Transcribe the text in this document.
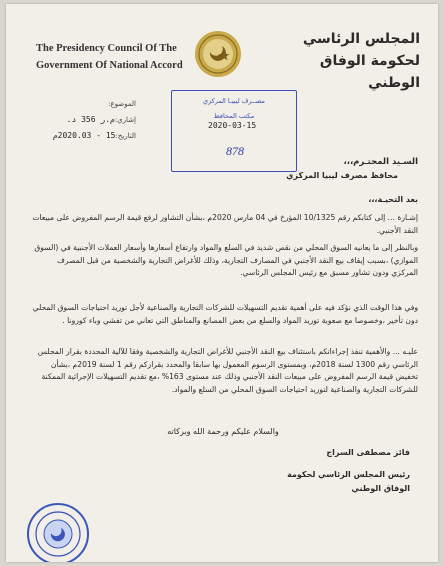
The Presidency Council Of The
Government Of National Accord
المجلس الرئاسي
لحكومة الوفاق الوطني
الموضوع:
إشاري:م.ر 356 د.
التاريخ:15 - 2020.03م
مصــرف ليبيـا المركزي
مكتب المحافظ
2020-03-15
878
السـيد المحتـرم،،،
محافظ مصرف ليبيا المركزي
بعد التحيـة،،،
إشـارة ... إلى كتابكم رقم 10/1325 المؤرخ في 04 مارس 2020م ،بشأن التشاور لرفع قيمة الرسم المفروض على مبيعات النقد الأجنبي.
وبالنظر إلى ما يعانيه السوق المحلي من نقص شديد في السلع والمواد وارتفاع أسعارها وأسعار العملات الأجنبية في (السوق الموازي) ،بسبب إيقاف بيع النقد الأجنبي في المصارف التجارية، وذلك للأغراض التجارية والشخصية من قبل المصرف المركزي ودون تشاور مسبق مع رئيس المجلس الرئاسي.
وفي هذا الوقت الذي نؤكد فيه على أهمية تقديم التسهيلات للشركات التجارية والصناعية لأجل توريد احتياجات السوق المحلي دون تأخير ،وخصوصا مع صعوبة توريد المواد والسلع من بعض المصانع والمناطق التي تعاني من تفشي وباء كورونا .
عليـه ... والأهمية تنفذ إجراءاتكم باستئناف بيع النقد الأجنبي للأغراض التجارية والشخصية وفقا للآلية المحددة بقرار المجلس الرئاسي رقم 1300 لسنة 2018م، وبمستوى الرسوم المعمول بها سابقا والمحدد بقراركم رقم 1 لسنة 2019م ،بشأن تخفيض قيمة الرسم المفروض على مبيعات النقد الأجنبي وذلك عند مستوى 163% ،مع تقديم التسهيلات الإجرائية الممكنة للشركات التجارية والصناعية لتوريد احتياجات السوق المحلي من السلع والمواد.
والسلام عليكم ورحمة الله وبركاته
فائز مصطفى السراج
رئيس المجلس الرئاسي لحكومة
الوفاق الوطني
